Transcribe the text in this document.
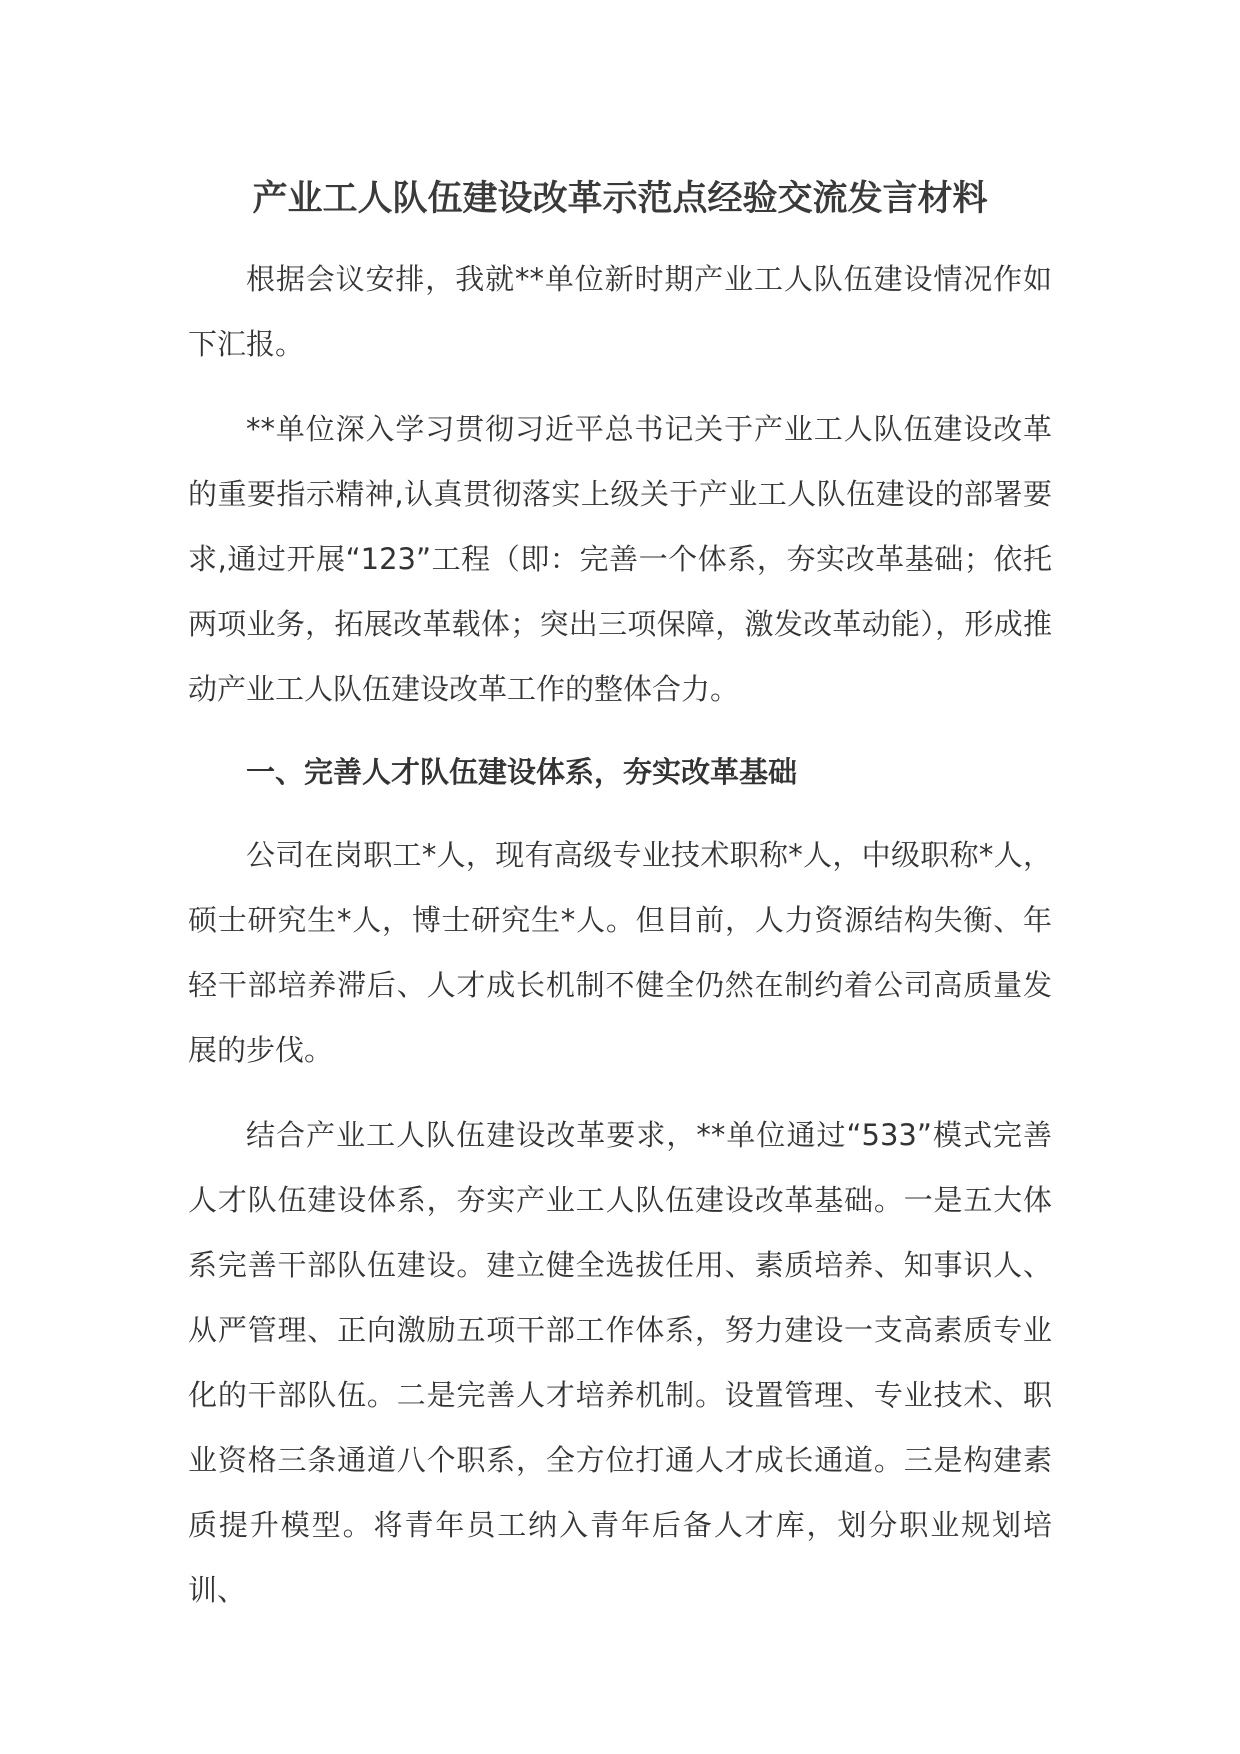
产业工人队伍建设改革示范点经验交流发言材料

根据会议安排，我就**单位新时期产业工人队伍建设情况作如下汇报。

**单位深入学习贯彻习近平总书记关于产业工人队伍建设改革的重要指示精神,认真贯彻落实上级关于产业工人队伍建设的部署要求,通过开展“123”工程（即：完善一个体系，夯实改革基础；依托两项业务，拓展改革载体；突出三项保障，激发改革动能），形成推动产业工人队伍建设改革工作的整体合力。

一、完善人才队伍建设体系，夯实改革基础

公司在岗职工*人，现有高级专业技术职称*人，中级职称*人，硕士研究生*人，博士研究生*人。但目前，人力资源结构失衡、年轻干部培养滞后、人才成长机制不健全仍然在制约着公司高质量发展的步伐。

结合产业工人队伍建设改革要求，**单位通过“533”模式完善人才队伍建设体系，夯实产业工人队伍建设改革基础。一是五大体系完善干部队伍建设。建立健全选拔任用、素质培养、知事识人、从严管理、正向激励五项干部工作体系，努力建设一支高素质专业化的干部队伍。二是完善人才培养机制。设置管理、专业技术、职业资格三条通道八个职系，全方位打通人才成长通道。三是构建素质提升模型。将青年员工纳入青年后备人才库，划分职业规划培训、
